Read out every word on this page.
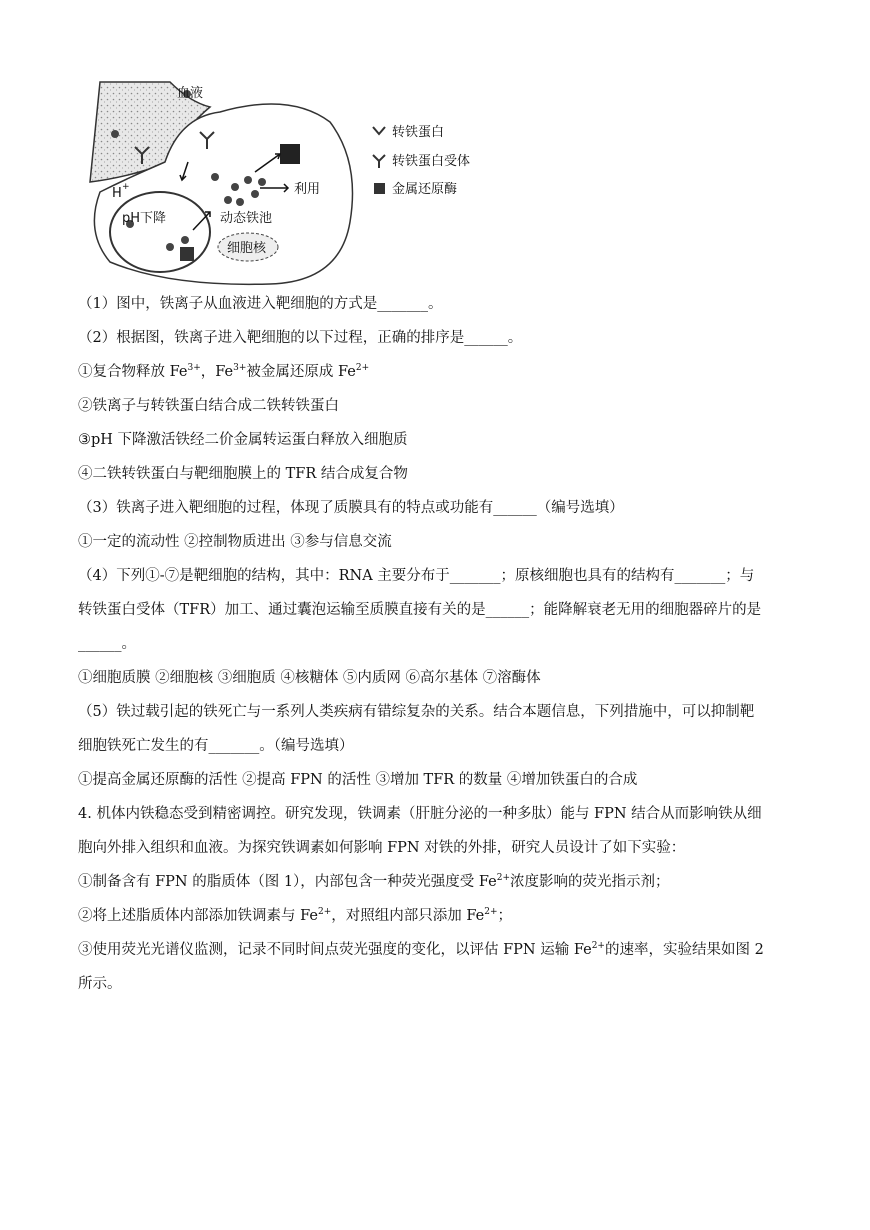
血液
H +
pH下降	动态铁池
利用
细胞核
转铁蛋白
转铁蛋白受体
金属还原酶
（1）图中，铁离子从血液进入靶细胞的方式是_______。
（2）根据图，铁离子进入靶细胞的以下过程，正确的排序是______。
①复合物释放 $Fe^{3+}$，$Fe^{3+}$被金属还原成 $Fe^{2+}$
②铁离子与转铁蛋白结合成二铁转铁蛋白
③pH 下降激活铁经二价金属转运蛋白释放入细胞质
④二铁转铁蛋白与靶细胞膜上的 TFR 结合成复合物
（3）铁离子进入靶细胞的过程，体现了质膜具有的特点或功能有______（编号选填）
①一定的流动性 ②控制物质进出 ③参与信息交流
（4）下列①-⑦是靶细胞的结构，其中：RNA 主要分布于_______；原核细胞也具有的结构有_______；与
转铁蛋白受体（TFR）加工、通过囊泡运输至质膜直接有关的是______；能降解衰老无用的细胞器碎片的是
______。
①细胞质膜 ②细胞核 ③细胞质 ④核糖体 ⑤内质网 ⑥高尔基体 ⑦溶酶体
（5）铁过载引起的铁死亡与一系列人类疾病有错综复杂的关系。结合本题信息，下列措施中，可以抑制靶
细胞铁死亡发生的有_______。（编号选填）
①提高金属还原酶的活性 ②提高 FPN 的活性 ③增加 TFR 的数量 ④增加铁蛋白的合成
4. 机体内铁稳态受到精密调控。研究发现，铁调素（肝脏分泌的一种多肽）能与 FPN 结合从而影响铁从细
胞向外排入组织和血液。为探究铁调素如何影响 FPN 对铁的外排，研究人员设计了如下实验：
①制备含有 FPN 的脂质体（图 1），内部包含一种荧光强度受 $Fe^{2+}$浓度影响的荧光指示剂；
②将上述脂质体内部添加铁调素与 $Fe^{2+}$，对照组内部只添加 $Fe^{2+}$；
③使用荧光光谱仪监测，记录不同时间点荧光强度的变化，以评估 FPN 运输 $Fe^{2+}$的速率，实验结果如图 2
所示。
